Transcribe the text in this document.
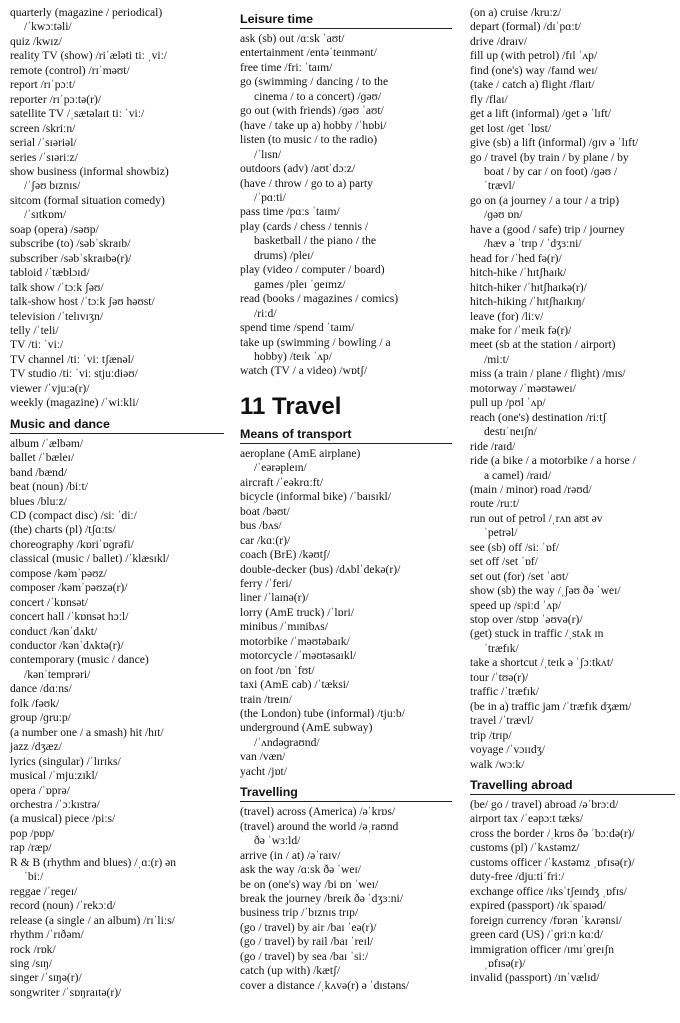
quarterly (magazine / periodical)
/ˈkwɔːtəli/
quiz /kwɪz/
reality TV (show) /riˈæləti tiː ˌviː/
remote (control) /rɪˈməʊt/
report /rɪˈpɔːt/
reporter /rɪˈpɔːtə(r)/
satellite TV /ˌsætəlaɪt tiː ˈviː/
screen /skriːn/
serial /ˈsɪəriəl/
series /ˈsɪəriːz/
show business (informal showbiz)
/ˈʃəʊ bɪznɪs/
sitcom (formal situation comedy)
/ˈsɪtkɒm/
soap (opera) /səʊp/
subscribe (to) /səbˈskraɪb/
subscriber /səbˈskraɪbə(r)/
tabloid /ˈtæblɔɪd/
talk show /ˈtɔːk ʃəʊ/
talk-show host /ˈtɔːk ʃəʊ həʊst/
television /ˈtelɪvɪʒn/
telly /ˈteli/
TV /tiː ˈviː/
TV channel /tiː ˈviː tʃænəl/
TV studio /tiː ˈviː stjuːdiəʊ/
viewer /ˈvjuːə(r)/
weekly (magazine) /ˈwiːkli/
Music and dance
album /ˈælbəm/
ballet /ˈbæleɪ/
band /bænd/
beat (noun) /biːt/
blues /bluːz/
CD (compact disc) /siː ˈdiː/
(the) charts (pl) /tʃɑːts/
choreography /kɒriˈɒɡrəfi/
classical (music / ballet) /ˈklæsɪkl/
compose /kəmˈpəʊz/
composer /kəmˈpəʊzə(r)/
concert /ˈkɒnsət/
concert hall /ˈkɒnsət hɔːl/
conduct /kənˈdʌkt/
conductor /kənˈdʌktə(r)/
contemporary (music / dance)
/kənˈtemprəri/
dance /dɑːns/
folk /fəʊk/
group /ɡruːp/
(a number one / a smash) hit /hɪt/
jazz /dʒæz/
lyrics (singular) /ˈlɪrɪks/
musical /ˈmjuːzɪkl/
opera /ˈɒprə/
orchestra /ˈɔːkɪstrə/
(a musical) piece /piːs/
pop /pɒp/
rap /ræp/
R & B (rhythm and blues) /ˌɑː(r) ən
ˈbiː/
reggae /ˈreɡeɪ/
record (noun) /ˈrekɔːd/
release (a single / an album) /rɪˈliːs/
rhythm /ˈrɪðəm/
rock /rɒk/
sing /sɪŋ/
singer /ˈsɪŋə(r)/
songwriter /ˈsɒŋraɪtə(r)/
Leisure time
ask (sb) out /ɑːsk ˈaʊt/
entertainment /entəˈteɪnmənt/
free time /friː ˈtaɪm/
go (swimming / dancing / to the
cinema / to a concert) /ɡəʊ/
go out (with friends) /ɡəʊ ˈaʊt/
(have / take up a) hobby /ˈhɒbi/
listen (to music / to the radio)
/ˈlɪsn/
outdoors (adv) /aʊtˈdɔːz/
(have / throw / go to a) party
/ˈpɑːti/
pass time /pɑːs ˈtaɪm/
play (cards / chess / tennis /
basketball / the piano / the
drums) /pleɪ/
play (video / computer / board)
games /pleɪ ˈɡeɪmz/
read (books / magazines / comics)
/riːd/
spend time /spend ˈtaɪm/
take up (swimming / bowling / a
hobby) /teɪk ˈʌp/
watch (TV / a video) /wɒtʃ/
11 Travel
Means of transport
aeroplane (AmE airplane)
/ˈeərəpleɪn/
aircraft /ˈeəkrɑːft/
bicycle (informal bike) /ˈbaɪsɪkl/
boat /bəʊt/
bus /bʌs/
car /kɑː(r)/
coach (BrE) /kəʊtʃ/
double-decker (bus) /dʌblˈdekə(r)/
ferry /ˈferi/
liner /ˈlaɪnə(r)/
lorry (AmE truck) /ˈlɒri/
minibus /ˈmɪnibʌs/
motorbike /ˈməʊtəbaɪk/
motorcycle /ˈməʊtəsaɪkl/
on foot /ɒn ˈfʊt/
taxi (AmE cab) /ˈtæksi/
train /treɪn/
(the London) tube (informal) /tjuːb/
underground (AmE subway)
/ˈʌndəɡraʊnd/
van /væn/
yacht /jɒt/
Travelling
(travel) across (America) /əˈkrɒs/
(travel) around the world /əˌraʊnd
ðə ˈwɜːld/
arrive (in / at) /əˈraɪv/
ask the way /ɑːsk ðə ˈweɪ/
be on (one's) way /bi ɒn ˈweɪ/
break the journey /breɪk ðə ˈdʒɜːni/
business trip /ˈbɪznɪs trɪp/
(go / travel) by air /baɪ ˈeə(r)/
(go / travel) by rail /baɪ ˈreɪl/
(go / travel) by sea /baɪ ˈsiː/
catch (up with) /kætʃ/
cover a distance /ˌkʌvə(r) ə ˈdɪstəns/
(on a) cruise /kruːz/
depart (formal) /dɪˈpɑːt/
drive /draɪv/
fill up (with petrol) /fɪl ˈʌp/
find (one's) way /faɪnd weɪ/
(take / catch a) flight /flaɪt/
fly /flaɪ/
get a lift (informal) /ɡet ə ˈlɪft/
get lost /ɡet ˈlɒst/
give (sb) a lift (informal) /ɡɪv ə ˈlɪft/
go / travel (by train / by plane / by
boat / by car / on foot) /ɡəʊ /
ˈtrævl/
go on (a journey / a tour / a trip)
/ɡəʊ ɒn/
have a (good / safe) trip / journey
/hæv ə ˈtrɪp / ˈdʒɜːni/
head for /ˈhed fə(r)/
hitch-hike /ˈhɪtʃhaɪk/
hitch-hiker /ˈhɪtʃhaɪkə(r)/
hitch-hiking /ˈhɪtʃhaɪkɪŋ/
leave (for) /liːv/
make for /ˈmeɪk fə(r)/
meet (sb at the station / airport)
/miːt/
miss (a train / plane / flight) /mɪs/
motorway /ˈməʊtəweɪ/
pull up /pʊl ˈʌp/
reach (one's) destination /riːtʃ
destɪˈneɪʃn/
ride /raɪd/
ride (a bike / a motorbike / a horse /
a camel) /raɪd/
(main / minor) road /rəʊd/
route /ruːt/
run out of petrol /ˌrʌn aʊt əv
ˈpetrəl/
see (sb) off /siː ˈɒf/
set off /set ˈɒf/
set out (for) /set ˈaʊt/
show (sb) the way /ˌʃəʊ ðə ˈweɪ/
speed up /spiːd ˈʌp/
stop over /stɒp ˈəʊvə(r)/
(get) stuck in traffic /ˌstʌk ɪn
ˈtræfɪk/
take a shortcut /ˌteɪk ə ˈʃɔːtkʌt/
tour /ˈtʊə(r)/
traffic /ˈtræfɪk/
(be in a) traffic jam /ˈtræfɪk dʒæm/
travel /ˈtrævl/
trip /trɪp/
voyage /ˈvɔɪɪdʒ/
walk /wɔːk/
Travelling abroad
(be/ go / travel) abroad /əˈbrɔːd/
airport tax /ˈeəpɔːt tæks/
cross the border /ˌkrɒs ðə ˈbɔːdə(r)/
customs (pl) /ˈkʌstəmz/
customs officer /ˈkʌstəmz ˌɒfɪsə(r)/
duty-free /djuːtiˈfriː/
exchange office /ɪksˈtʃeɪndʒ ˌɒfɪs/
expired (passport) /ɪkˈspaɪəd/
foreign currency /fɒrən ˈkʌrənsi/
green card (US) /ˈɡriːn kɑːd/
immigration officer /ɪmɪˈɡreɪʃn
ˌɒfɪsə(r)/
invalid (passport) /ɪnˈvælɪd/
